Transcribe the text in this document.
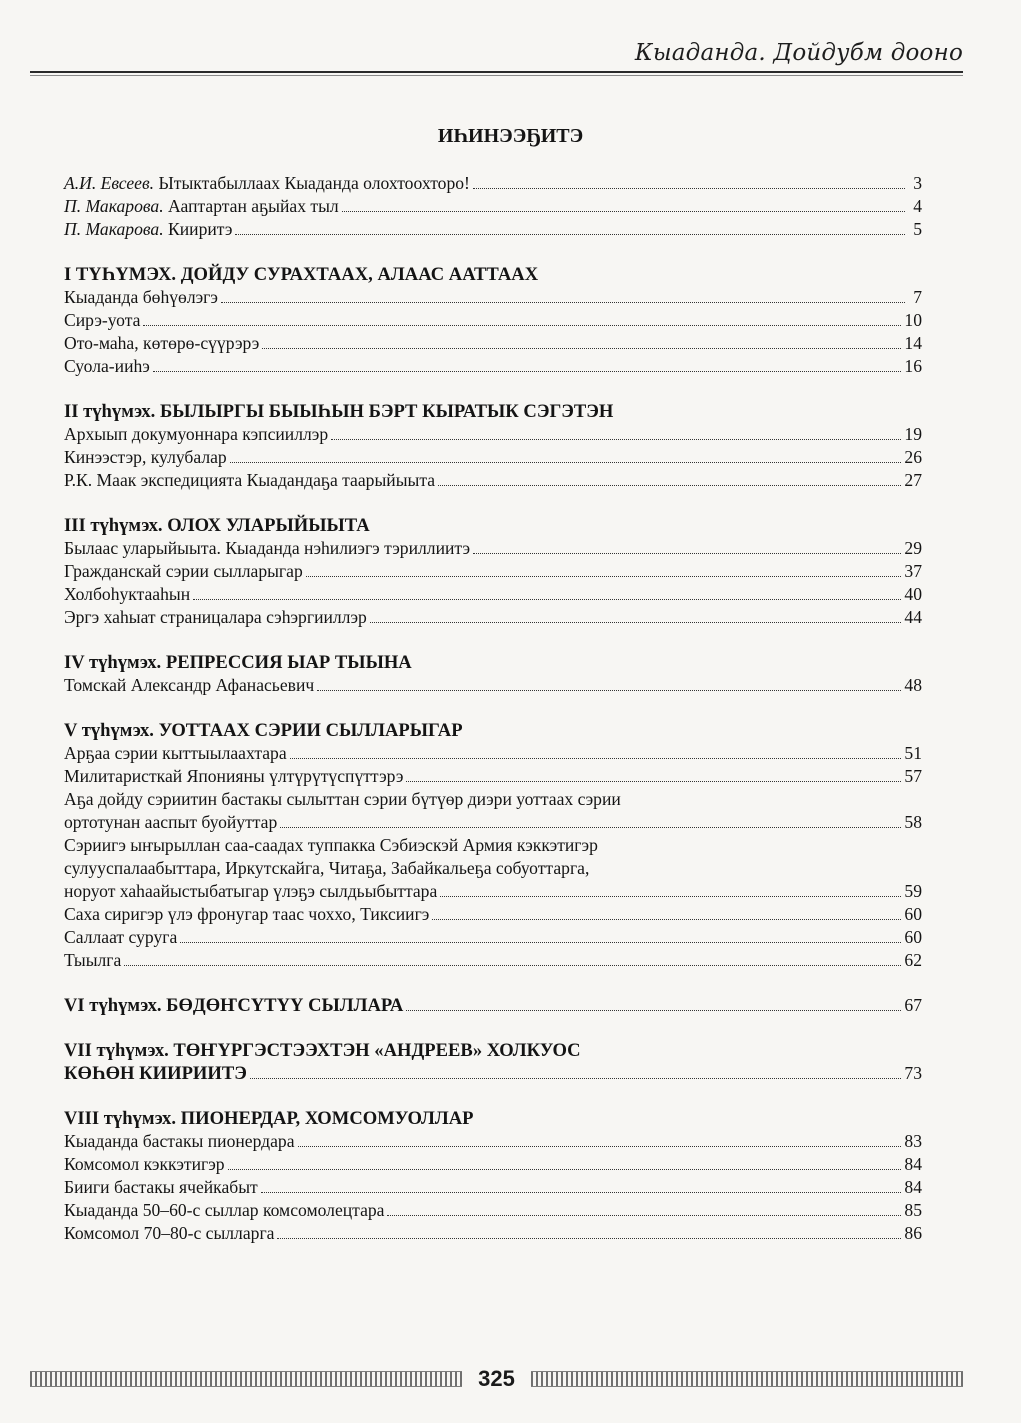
Кыаданда. Дойдубм доонo
ИҺИНЭЭҔИТЭ
А.И. Евсеев. Ытыктабыллаах Кыаданда олохтоохторо!	3
П. Макарова. Ааптартан аҕыйах тыл	4
П. Макарова. Кииритэ	5
I ТҮҺҮМЭХ. ДОЙДУ СУРАХТААХ, АЛААС ААТТААХ
Кыаданда бөһүөлэгэ	7
Сирэ-уота	10
Ото-маһа, көтөрө-сүүрэрэ	14
Суола-ииһэ	16
II түһүмэх. БЫЛЫРГЫ БЫЫҺЫН БЭРТ КЫРАТЫК СЭГЭТЭН
Архыып докумуоннара кэпсииллэр	19
Кинээстэр, кулубалар	26
Р.К. Маак экспедицията Кыадандаҕа таарыйыыта	27
III түһүмэх. ОЛОХ УЛАРЫЙЫЫТА
Былаас уларыйыыта. Кыаданда нэһилиэгэ тэриллиитэ	29
Гражданскай сэрии сылларыгар	37
Холбоһуктааһын	40
Эргэ хаһыат страницалара сэһэргииллэр	44
IV түһүмэх. РЕПРЕССИЯ ЫАР ТЫЫНА
Томскай Александр Афанасьевич	48
V түһүмэх. УОТТААХ СЭРИИ СЫЛЛАРЫГАР
Арҕаа сэрии кыттыылаахтара	51
Милитаристкай Японияны үлтүрүтүспүттэрэ	57
Аҕа дойду сэриитин бастакы сылыттан сэрии бүтүөр диэри уоттаах сэрии
ортотунан ааспыт буойуттар	58
Сэриигэ ыҥырыллан саа-саадах туппакка Сэбиэскэй Армия кэккэтигэр
сулууспалаабыттара, Иркутскайга, Читаҕа, Забайкальеҕа собуоттарга,
норуот хаһаайыстыбатыгар үлэҕэ сылдьыбыттара	59
Саха сиригэр үлэ фронугар таас чоххо, Тиксиигэ	60
Саллаат суруга	60
Тыылга	62
VI түһүмэх. БӨДӨҤСҮТҮҮ СЫЛЛАРА	67
VII түһүмэх. ТӨҤҮРГЭСТЭЭХТЭН «АНДРЕЕВ» ХОЛКУОС
КӨҺӨН КИИРИИТЭ	73
VIII түһүмэх. ПИОНЕРДАР, ХОМСОМУОЛЛАР
Кыаданда бастакы пионердара	83
Комсомол кэккэтигэр	84
Бииги бастакы ячейкабыт	84
Кыаданда 50–60-с сыллар комсомолецтара	85
Комсомол 70–80-с сылларга	86
325
